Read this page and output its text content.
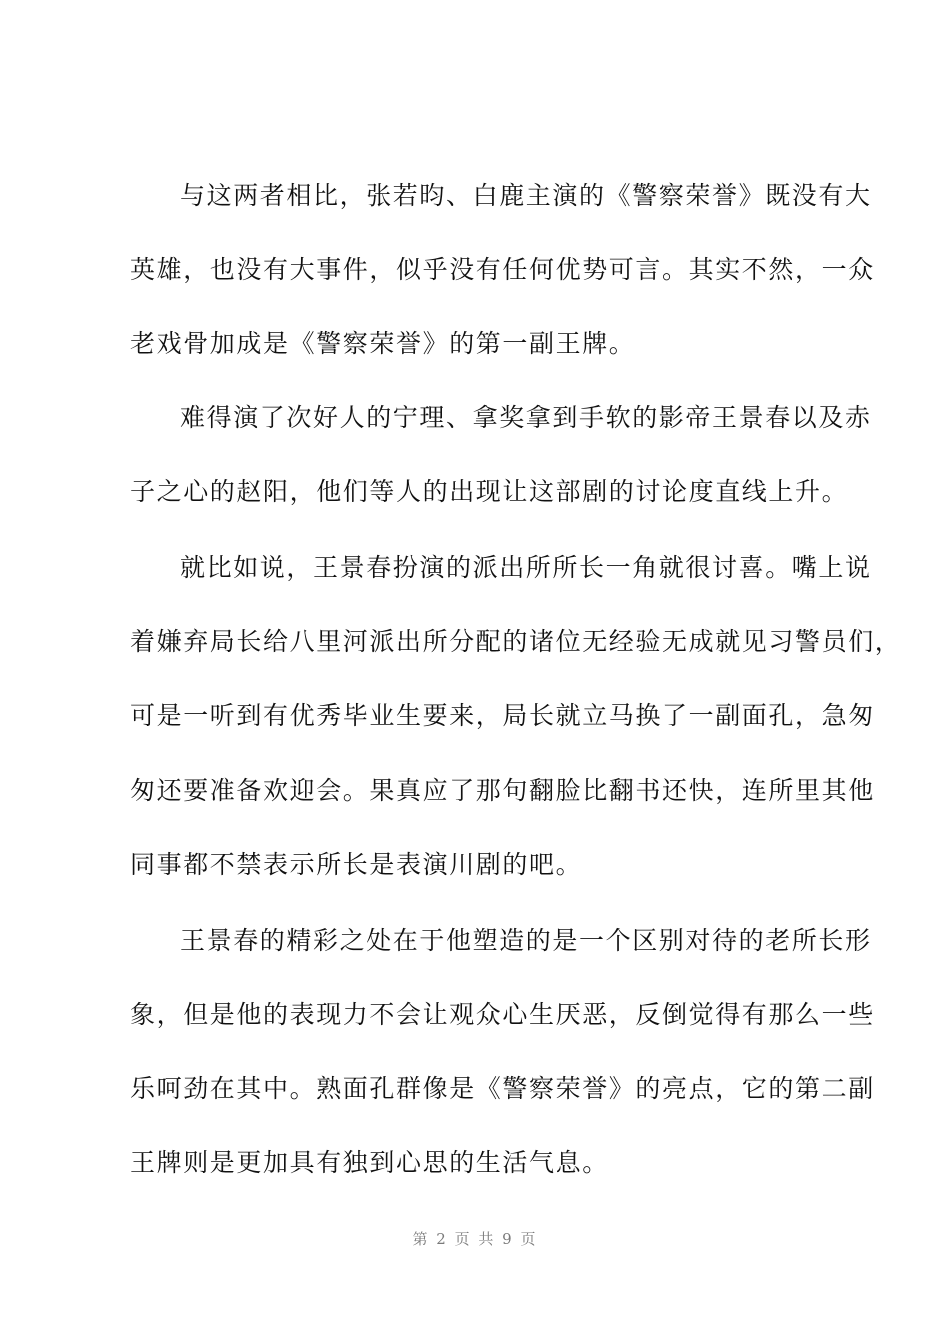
与这两者相比，张若昀、白鹿主演的《警察荣誉》既没有大
英雄，也没有大事件，似乎没有任何优势可言。其实不然，一众
老戏骨加成是《警察荣誉》的第一副王牌。
难得演了次好人的宁理、拿奖拿到手软的影帝王景春以及赤
子之心的赵阳，他们等人的出现让这部剧的讨论度直线上升。
就比如说，王景春扮演的派出所所长一角就很讨喜。嘴上说
着嫌弃局长给八里河派出所分配的诸位无经验无成就见习警员们，
可是一听到有优秀毕业生要来，局长就立马换了一副面孔，急匆
匆还要准备欢迎会。果真应了那句翻脸比翻书还快，连所里其他
同事都不禁表示所长是表演川剧的吧。
王景春的精彩之处在于他塑造的是一个区别对待的老所长形
象，但是他的表现力不会让观众心生厌恶，反倒觉得有那么一些
乐呵劲在其中。熟面孔群像是《警察荣誉》的亮点，它的第二副
王牌则是更加具有独到心思的生活气息。
第 2 页 共 9 页
